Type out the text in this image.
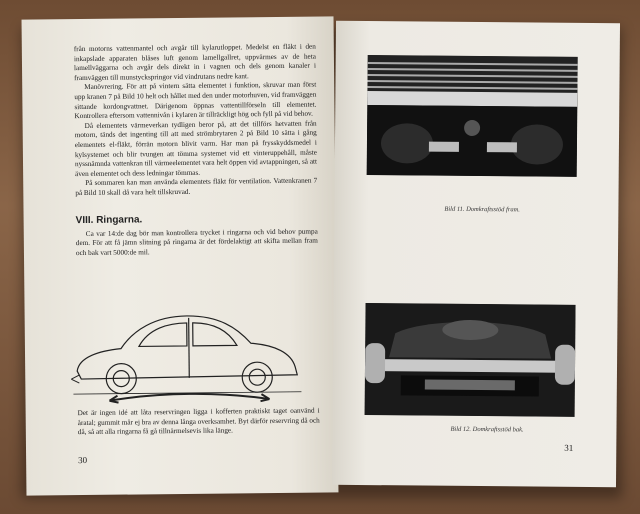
från motorns vattenmantel och avgår till kylarutloppet. Medelst en fläkt i den inkapslade apparaten blåses luft genom lamellgallret, uppvärmes av de heta lamellväggarna och avgår dels direkt in i vagnen och dels genom kanaler i framväggen till munstyckspringor vid vindrutans nedre kant.

Manövrering. För att på vintern sätta elementet i funktion, skruvar man först upp kranen 7 på Bild 10 helt och hållet med den under motorhuven, vid framväggen sittande kordongvattnet. Därigenom öppnas vattentillförseln till elementet. Kontrollera eftersom vattennivån i kylaren är tillräckligt hög och fyll på vid behov.

Då elementets värmeverkan tydligen beror på, att det tillförs hetvatten från motorn, tänds det ingenting till att med strömbrytaren 2 på Bild 10 sätta i gång elementets el-fläkt, förrän motorn blivit varm. Har man på frysskyddsmedel i kylsystemet och blir tvungen att tömma systemet vid ett vinteruppehåll, måste nyssnämnda vattenkran till värmeelementet vara helt öppen vid avtappningen, så att även elementet och dess ledningar tömmas.

På sommaren kan man använda elementets fläkt för ventilation. Vattenkranen 7 på Bild 10 skall då vara helt tillskruvad.

VIII. Ringarna.

Ca var 14:de dag bör man kontrollera trycket i ringarna och vid behov pumpa dem. För att få jämn slitning på ringarna är det fördelaktigt att skifta mellan fram och bak vart 5000:de mil.

Det är ingen idé att låta reservringen ligga i kofferten praktiskt taget oanvänd i åratal; gummit mår ej bra av denna långa overksamhet. Byt därför reservring då och då, så att alla ringarna få gå tillnärmelsevis lika länge.

30
Bild 11. Domkraftsstöd fram.
Bild 12. Domkraftsstöd bak.
31
